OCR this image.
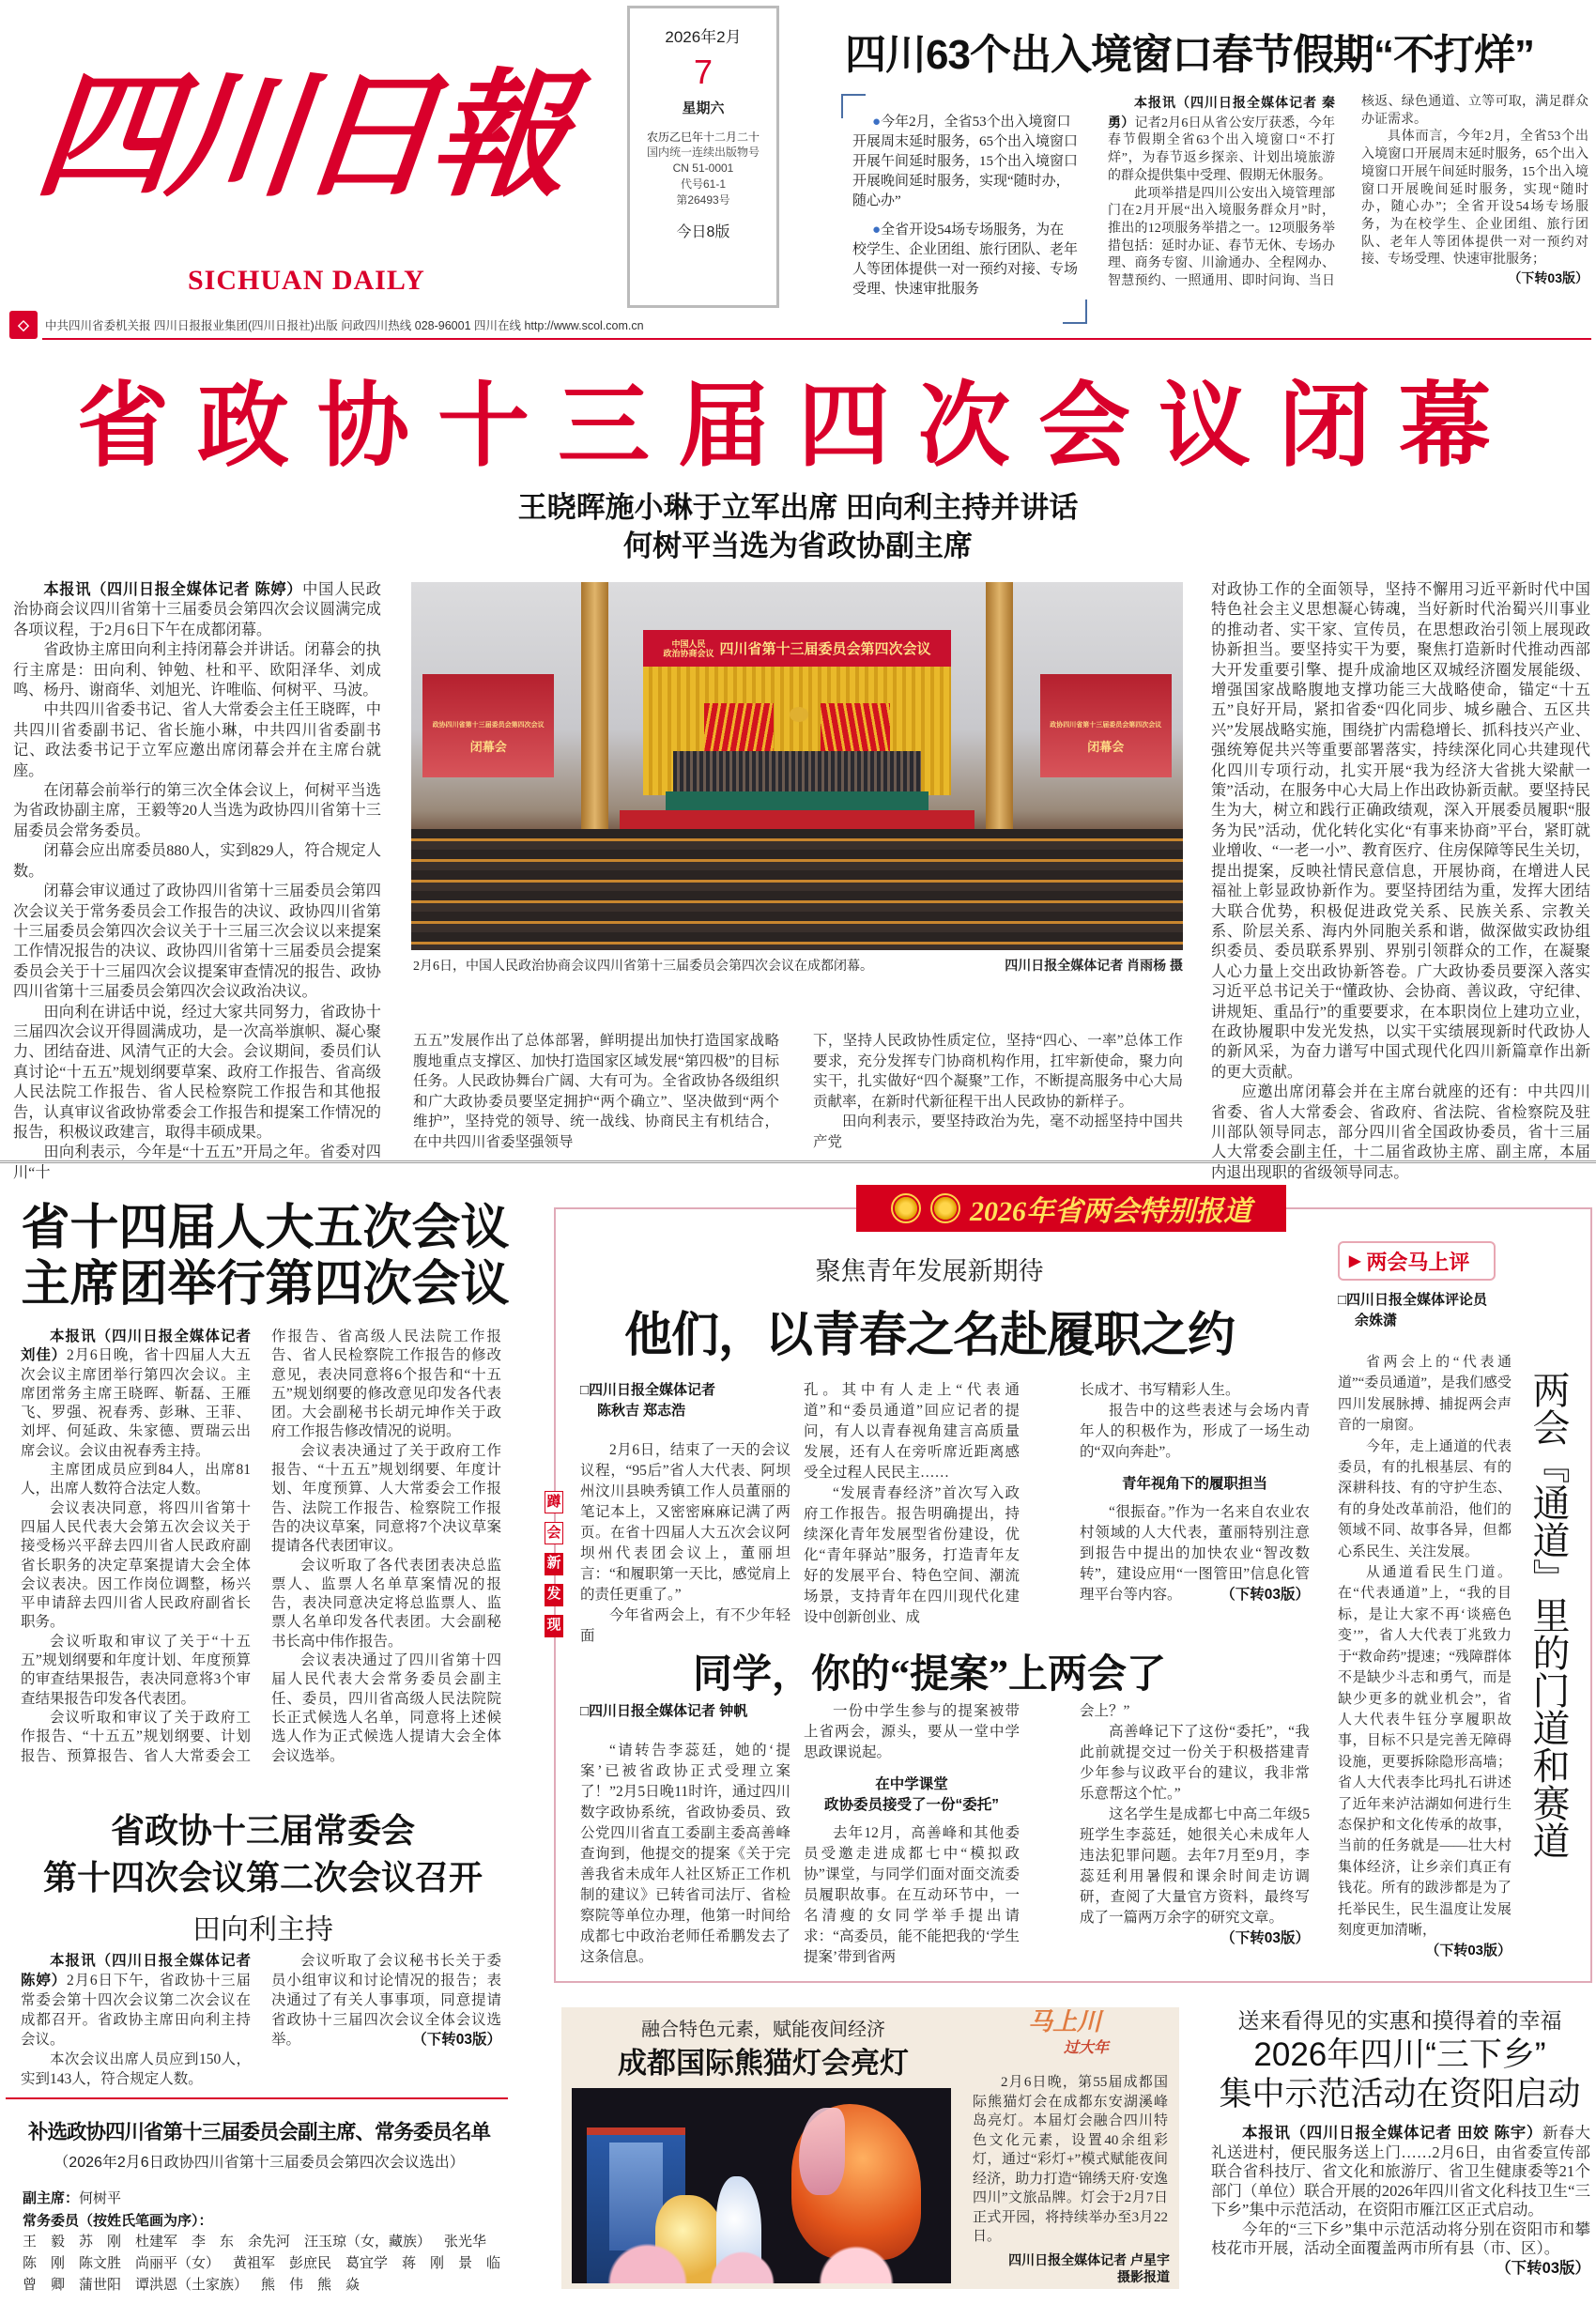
四川日報
SICHUAN DAILY
2026年2月
7
星期六
农历乙巳年十二月二十
国内统一连续出版物号
CN 51-0001
代号61-1
第26493号
今日8版
◇	中共四川省委机关报 四川日报报业集团(四川日报社)出版 问政四川热线 028-96001 四川在线 http://www.scol.com.cn
四川63个出入境窗口春节假期“不打烊”

●今年2月，全省53个出入境窗口开展周末延时服务，65个出入境窗口开展午间延时服务，15个出入境窗口开展晚间延时服务，实现“随时办，随心办”

●全省开设54场专场服务，为在校学生、企业团组、旅行团队、老年人等团体提供一对一预约对接、专场受理、快速审批服务

本报讯（四川日报全媒体记者 秦勇）记者2月6日从省公安厅获悉，今年春节假期全省63个出入境窗口“不打烊”，为春节返乡探亲、计划出境旅游的群众提供集中受理、假期无休服务。

此项举措是四川公安出入境管理部门在2月开展“出入境服务群众月”时，推出的12项服务举措之一。12项服务举措包括：延时办证、春节无休、专场办理、商务专窗、川渝通办、全程网办、智慧预约、一照通用、即时问询、当日核返、绿色通道、立等可取，满足群众办证需求。

具体而言，今年2月，全省53个出入境窗口开展周末延时服务，65个出入境窗口开展午间延时服务，15个出入境窗口开展晚间延时服务，实现“随时办，随心办”；全省开设54场专场服务，为在校学生、企业团组、旅行团队、老年人等团体提供一对一预约对接、专场受理、快速审批服务；
（下转03版）

省政协十三届四次会议闭幕
王晓晖施小琳于立军出席 田向利主持并讲话
何树平当选为省政协副主席

本报讯（四川日报全媒体记者 陈婷）中国人民政治协商会议四川省第十三届委员会第四次会议圆满完成各项议程，于2月6日下午在成都闭幕。

省政协主席田向利主持闭幕会并讲话。闭幕会的执行主席是：田向利、钟勉、杜和平、欧阳泽华、刘成鸣、杨丹、谢商华、刘旭光、许唯临、何树平、马波。

中共四川省委书记、省人大常委会主任王晓晖，中共四川省委副书记、省长施小琳，中共四川省委副书记、政法委书记于立军应邀出席闭幕会并在主席台就座。

在闭幕会前举行的第三次全体会议上，何树平当选为省政协副主席，王毅等20人当选为政协四川省第十三届委员会常务委员。

闭幕会应出席委员880人，实到829人，符合规定人数。

闭幕会审议通过了政协四川省第十三届委员会第四次会议关于常务委员会工作报告的决议、政协四川省第十三届委员会第四次会议关于十三届三次会议以来提案工作情况报告的决议、政协四川省第十三届委员会提案委员会关于十三届四次会议提案审查情况的报告、政协四川省第十三届委员会第四次会议政治决议。

田向利在讲话中说，经过大家共同努力，省政协十三届四次会议开得圆满成功，是一次高举旗帜、凝心聚力、团结奋进、风清气正的大会。会议期间，委员们认真讨论“十五五”规划纲要草案、政府工作报告、省高级人民法院工作报告、省人民检察院工作报告和其他报告，认真审议省政协常委会工作报告和提案工作情况的报告，积极议政建言，取得丰硕成果。

田向利表示，今年是“十五五”开局之年。省委对四川“十

中国人民
政治协商会议 四川省第十三届委员会第四次会议
政协四川省第十三届委员会第四次会议
闭幕会
政协四川省第十三届委员会第四次会议
闭幕会
2月6日，中国人民政治协商会议四川省第十三届委员会第四次会议在成都闭幕。	四川日报全媒体记者 肖雨杨 摄

五五”发展作出了总体部署，鲜明提出加快打造国家战略腹地重点支撑区、加快打造国家区域发展“第四极”的目标任务。人民政协舞台广阔、大有可为。全省政协各级组织和广大政协委员要坚定拥护“两个确立”、坚决做到“两个维护”，坚持党的领导、统一战线、协商民主有机结合，在中共四川省委坚强领导

下，坚持人民政协性质定位，坚持“四心、一率”总体工作要求，充分发挥专门协商机构作用，扛牢新使命，聚力向实干，扎实做好“四个凝聚”工作，不断提高服务中心大局贡献率，在新时代新征程干出人民政协的新样子。

田向利表示，要坚持政治为先，毫不动摇坚持中国共产党

对政协工作的全面领导，坚持不懈用习近平新时代中国特色社会主义思想凝心铸魂，当好新时代治蜀兴川事业的推动者、实干家、宣传员，在思想政治引领上展现政协新担当。要坚持实干为要，聚焦打造新时代推动西部大开发重要引擎、提升成渝地区双城经济圈发展能级、增强国家战略腹地支撑功能三大战略使命，锚定“十五五”良好开局，紧扣省委“四化同步、城乡融合、五区共兴”发展战略实施，围绕扩内需稳增长、抓科技兴产业、强统筹促共兴等重要部署落实，持续深化同心共建现代化四川专项行动，扎实开展“我为经济大省挑大梁献一策”活动，在服务中心大局上作出政协新贡献。要坚持民生为大，树立和践行正确政绩观，深入开展委员履职“服务为民”活动，优化转化实化“有事来协商”平台，紧盯就业增收、“一老一小”、教育医疗、住房保障等民生关切，提出提案，反映社情民意信息，开展协商，在增进人民福祉上彰显政协新作为。要坚持团结为重，发挥大团结大联合优势，积极促进政党关系、民族关系、宗教关系、阶层关系、海内外同胞关系和谐，做深做实政协组织委员、委员联系界别、界别引领群众的工作，在凝聚人心力量上交出政协新答卷。广大政协委员要深入落实习近平总书记关于“懂政协、会协商、善议政，守纪律、讲规矩、重品行”的重要要求，在本职岗位上建功立业，在政协履职中发光发热，以实干实绩展现新时代政协人的新风采，为奋力谱写中国式现代化四川新篇章作出新的更大贡献。

应邀出席闭幕会并在主席台就座的还有：中共四川省委、省人大常委会、省政府、省法院、省检察院及驻川部队领导同志，部分四川省全国政协委员，省十三届人大常委会副主任，十二届省政协主席、副主席，本届内退出现职的省级领导同志。

省十四届人大五次会议
主席团举行第四次会议

本报讯（四川日报全媒体记者 刘佳）2月6日晚，省十四届人大五次会议主席团举行第四次会议。主席团常务主席王晓晖、靳磊、王雁飞、罗强、祝春秀、彭琳、王菲、刘坪、何延政、朱家德、贾瑞云出席会议。会议由祝春秀主持。

主席团成员应到84人，出席81人，出席人数符合法定人数。

会议表决同意，将四川省第十四届人民代表大会第五次会议关于接受杨兴平辞去四川省人民政府副省长职务的决定草案提请大会全体会议表决。因工作岗位调整，杨兴平申请辞去四川省人民政府副省长职务。

会议听取和审议了关于“十五五”规划纲要和年度计划、年度预算的审查结果报告，表决同意将3个审查结果报告印发各代表团。

会议听取和审议了关于政府工作报告、“十五五”规划纲要、计划报告、预算报告、省人大常委会工作报告、省高级人民法院工作报告、省人民检察院工作报告的修改意见，表决同意将6个报告和“十五五”规划纲要的修改意见印发各代表团。大会副秘书长胡元坤作关于政府工作报告修改情况的说明。

会议表决通过了关于政府工作报告、“十五五”规划纲要、年度计划、年度预算、人大常委会工作报告、法院工作报告、检察院工作报告的决议草案，同意将7个决议草案提请各代表团审议。

会议听取了各代表团表决总监票人、监票人名单草案情况的报告，表决同意决定将总监票人、监票人名单印发各代表团。大会副秘书长高中伟作报告。

会议表决通过了四川省第十四届人民代表大会常务委员会副主任、委员，四川省高级人民法院院长正式候选人名单，同意将上述候选人作为正式候选人提请大会全体会议选举。

省政协十三届常委会
第十四次会议第二次会议召开
田向利主持

本报讯（四川日报全媒体记者 陈婷）2月6日下午，省政协十三届常委会第十四次会议第二次会议在成都召开。省政协主席田向利主持会议。

本次会议出席人员应到150人，实到143人，符合规定人数。

会议听取了会议秘书长关于委员小组审议和讨论情况的报告；表决通过了有关人事事项，同意提请省政协十三届四次会议全体会议选举。	（下转03版）

补选政协四川省第十三届委员会副主席、常务委员名单
（2026年2月6日政协四川省第十三届委员会第四次会议选出）
副主席：何树平
常务委员（按姓氏笔画为序）：
王　毅 苏　刚 杜建军 李　东 余先河 汪玉琼（女，藏族） 张光华
陈　刚 陈文胜 尚丽平（女） 黄祖军 彭庶民 葛宜学 蒋　刚 景　临
曾　卿 蒲世阳 谭洪恩（土家族） 熊　伟 熊　焱
2026年省两会特别报道
聚焦青年发展新期待
他们，以青春之名赴履职之约
□四川日报全媒体记者
陈秋吉 郑志浩

2月6日，结束了一天的会议议程，“95后”省人大代表、阿坝州汶川县映秀镇工作人员董丽的笔记本上，又密密麻麻记满了两页。在省十四届人大五次会议阿坝州代表团会议上，董丽坦言：“和履职第一天比，感觉肩上的责任更重了。”

今年省两会上，有不少年轻面

孔。其中有人走上“代表通道”和“委员通道”回应记者的提问，有人以青春视角建言高质量发展，还有人在旁听席近距离感受全过程人民民主……

“发展青春经济”首次写入政府工作报告。报告明确提出，持续深化青年发展型省份建设，优化“青年驿站”服务，打造青年友好的发展平台、特色空间、潮流场景，支持青年在四川现代化建设中创新创业、成

长成才、书写精彩人生。

报告中的这些表述与会场内青年人的积极作为，形成了一场生动的“双向奔赴”。

青年视角下的履职担当

“很振奋。”作为一名来自农业农村领域的人大代表，董丽特别注意到报告中提出的加快农业“智改数转”，建设应用“一图管田”信息化管理平台等内容。	（下转03版）

蹲
会
新
发
现
同学，你的“提案”上两会了
□四川日报全媒体记者 钟帆

“请转告李蕊廷，她的‘提案’已被省政协正式受理立案了！”2月5日晚11时许，通过四川数字政协系统，省政协委员、致公党四川省直工委副主委高善峰查询到，他提交的提案《关于完善我省未成年人社区矫正工作机制的建议》已转省司法厅、省检察院等单位办理，他第一时间给成都七中政治老师任希鹏发去了这条信息。

一份中学生参与的提案被带上省两会，源头，要从一堂中学思政课说起。

在中学课堂
政协委员接受了一份“委托”

去年12月，高善峰和其他委员受邀走进成都七中“模拟政协”课堂，与同学们面对面交流委员履职故事。在互动环节中，一名清瘦的女同学举手提出请求：“高委员，能不能把我的‘学生提案’带到省两

会上？”

高善峰记下了这份“委托”，“我此前就提交过一份关于积极搭建青少年参与议政平台的建议，我非常乐意帮这个忙。”

这名学生是成都七中高二年级5班学生李蕊廷，她很关心未成年人违法犯罪问题。去年7月至9月，李蕊廷利用暑假和课余时间走访调研，查阅了大量官方资料，最终写成了一篇两万余字的研究文章。
（下转03版）

▶ 两会马上评
□四川日报全媒体评论员
余姝潇

省两会上的“代表通道”“委员通道”，是我们感受四川发展脉搏、捕捉两会声音的一扇窗。

今年，走上通道的代表委员，有的扎根基层、有的深耕科技、有的守护生态、有的身处改革前沿，他们的领域不同、故事各异，但都心系民生、关注发展。

从通道看民生门道。在“代表通道”上，“我的目标，是让大家不再‘谈癌色变’”，省人大代表丁兆致力于“救命药”提速；“残障群体不是缺少斗志和勇气，而是缺少更多的就业机会”，省人大代表牛钰分享履职故事，目标不只是完善无障碍设施，更要拆除隐形高墙；省人大代表李比玛扎石讲述了近年来泸沽湖如何进行生态保护和文化传承的故事，当前的任务就是——壮大村集体经济，让乡亲们真正有钱花。所有的跋涉都是为了托举民生，民生温度让发展刻度更加清晰，
（下转03版）

两会『通道』里的门道和赛道
融合特色元素，赋能夜间经济
成都国际熊猫灯会亮灯
马上川
过大年

2月6日晚，第55届成都国际熊猫灯会在成都东安湖溪峰岛亮灯。本届灯会融合四川特色文化元素，设置40余组彩灯，通过“彩灯+”模式赋能夜间经济，助力打造“锦绣天府·安逸四川”文旅品牌。灯会于2月7日正式开园，将持续举办至3月22日。

四川日报全媒体记者 卢星宇
摄影报道
送来看得见的实惠和摸得着的幸福
2026年四川“三下乡”
集中示范活动在资阳启动

本报讯（四川日报全媒体记者 田姣 陈宇）新春大礼送进村，便民服务送上门……2月6日，由省委宣传部联合省科技厅、省文化和旅游厅、省卫生健康委等21个部门（单位）联合开展的2026年四川省文化科技卫生“三下乡”集中示范活动，在资阳市雁江区正式启动。

今年的“三下乡”集中示范活动将分别在资阳市和攀枝花市开展，活动全面覆盖两市所有县（市、区）。
（下转03版）
